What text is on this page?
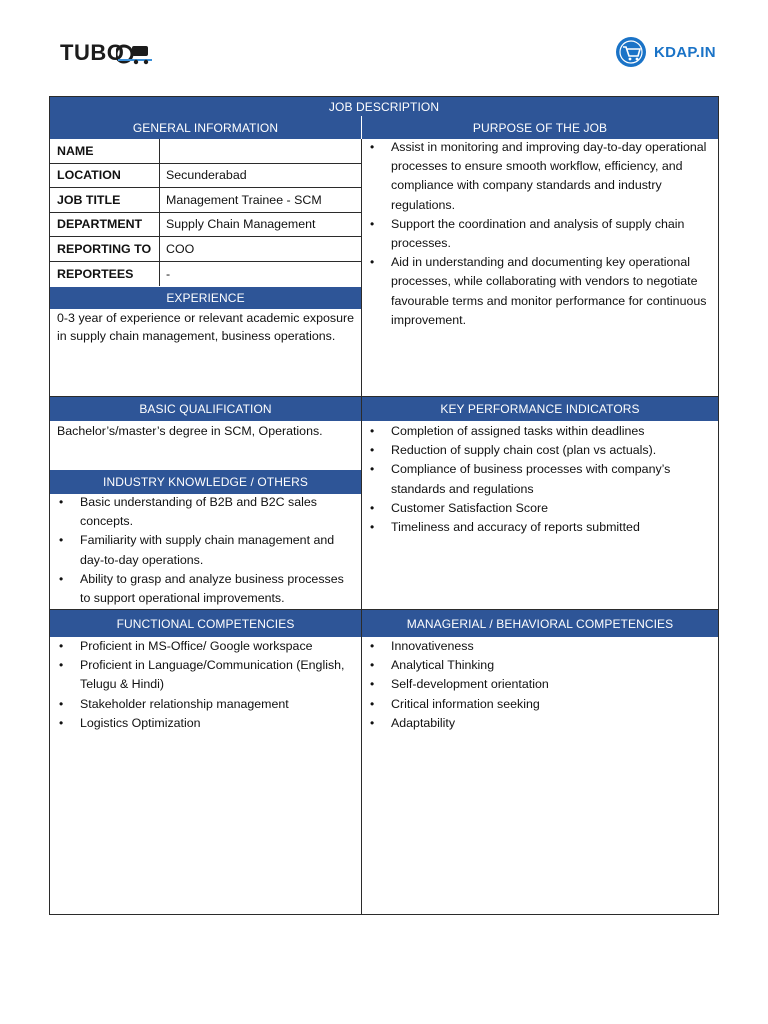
TUBO	KDAP.IN
JOB DESCRIPTION
GENERAL INFORMATION	PURPOSE OF THE JOB
NAME
LOCATION	Secunderabad
JOB TITLE	Management Trainee - SCM
DEPARTMENT	Supply Chain Management
REPORTING TO	COO
REPORTEES	-
EXPERIENCE

0-3 year of experience or relevant academic exposure in supply chain management, business operations.

• Assist in monitoring and improving day-to-day operational processes to ensure smooth workflow, efficiency, and compliance with company standards and industry regulations.
• Support the coordination and analysis of supply chain processes.
• Aid in understanding and documenting key operational processes, while collaborating with vendors to negotiate favourable terms and monitor performance for continuous improvement.
BASIC QUALIFICATION	KEY PERFORMANCE INDICATORS

Bachelor’s/master’s degree in SCM, Operations.

INDUSTRY KNOWLEDGE / OTHERS
• Basic understanding of B2B and B2C sales concepts.
• Familiarity with supply chain management and day-to-day operations.
• Ability to grasp and analyze business processes to support operational improvements.
• Completion of assigned tasks within deadlines
• Reduction of supply chain cost (plan vs actuals).
• Compliance of business processes with company’s standards and regulations
• Customer Satisfaction Score
• Timeliness and accuracy of reports submitted
FUNCTIONAL COMPETENCIES	MANAGERIAL / BEHAVIORAL COMPETENCIES
• Proficient in MS-Office/ Google workspace
• Proficient in Language/Communication (English, Telugu & Hindi)
• Stakeholder relationship management
• Logistics Optimization
• Innovativeness
• Analytical Thinking
• Self-development orientation
• Critical information seeking
• Adaptability
